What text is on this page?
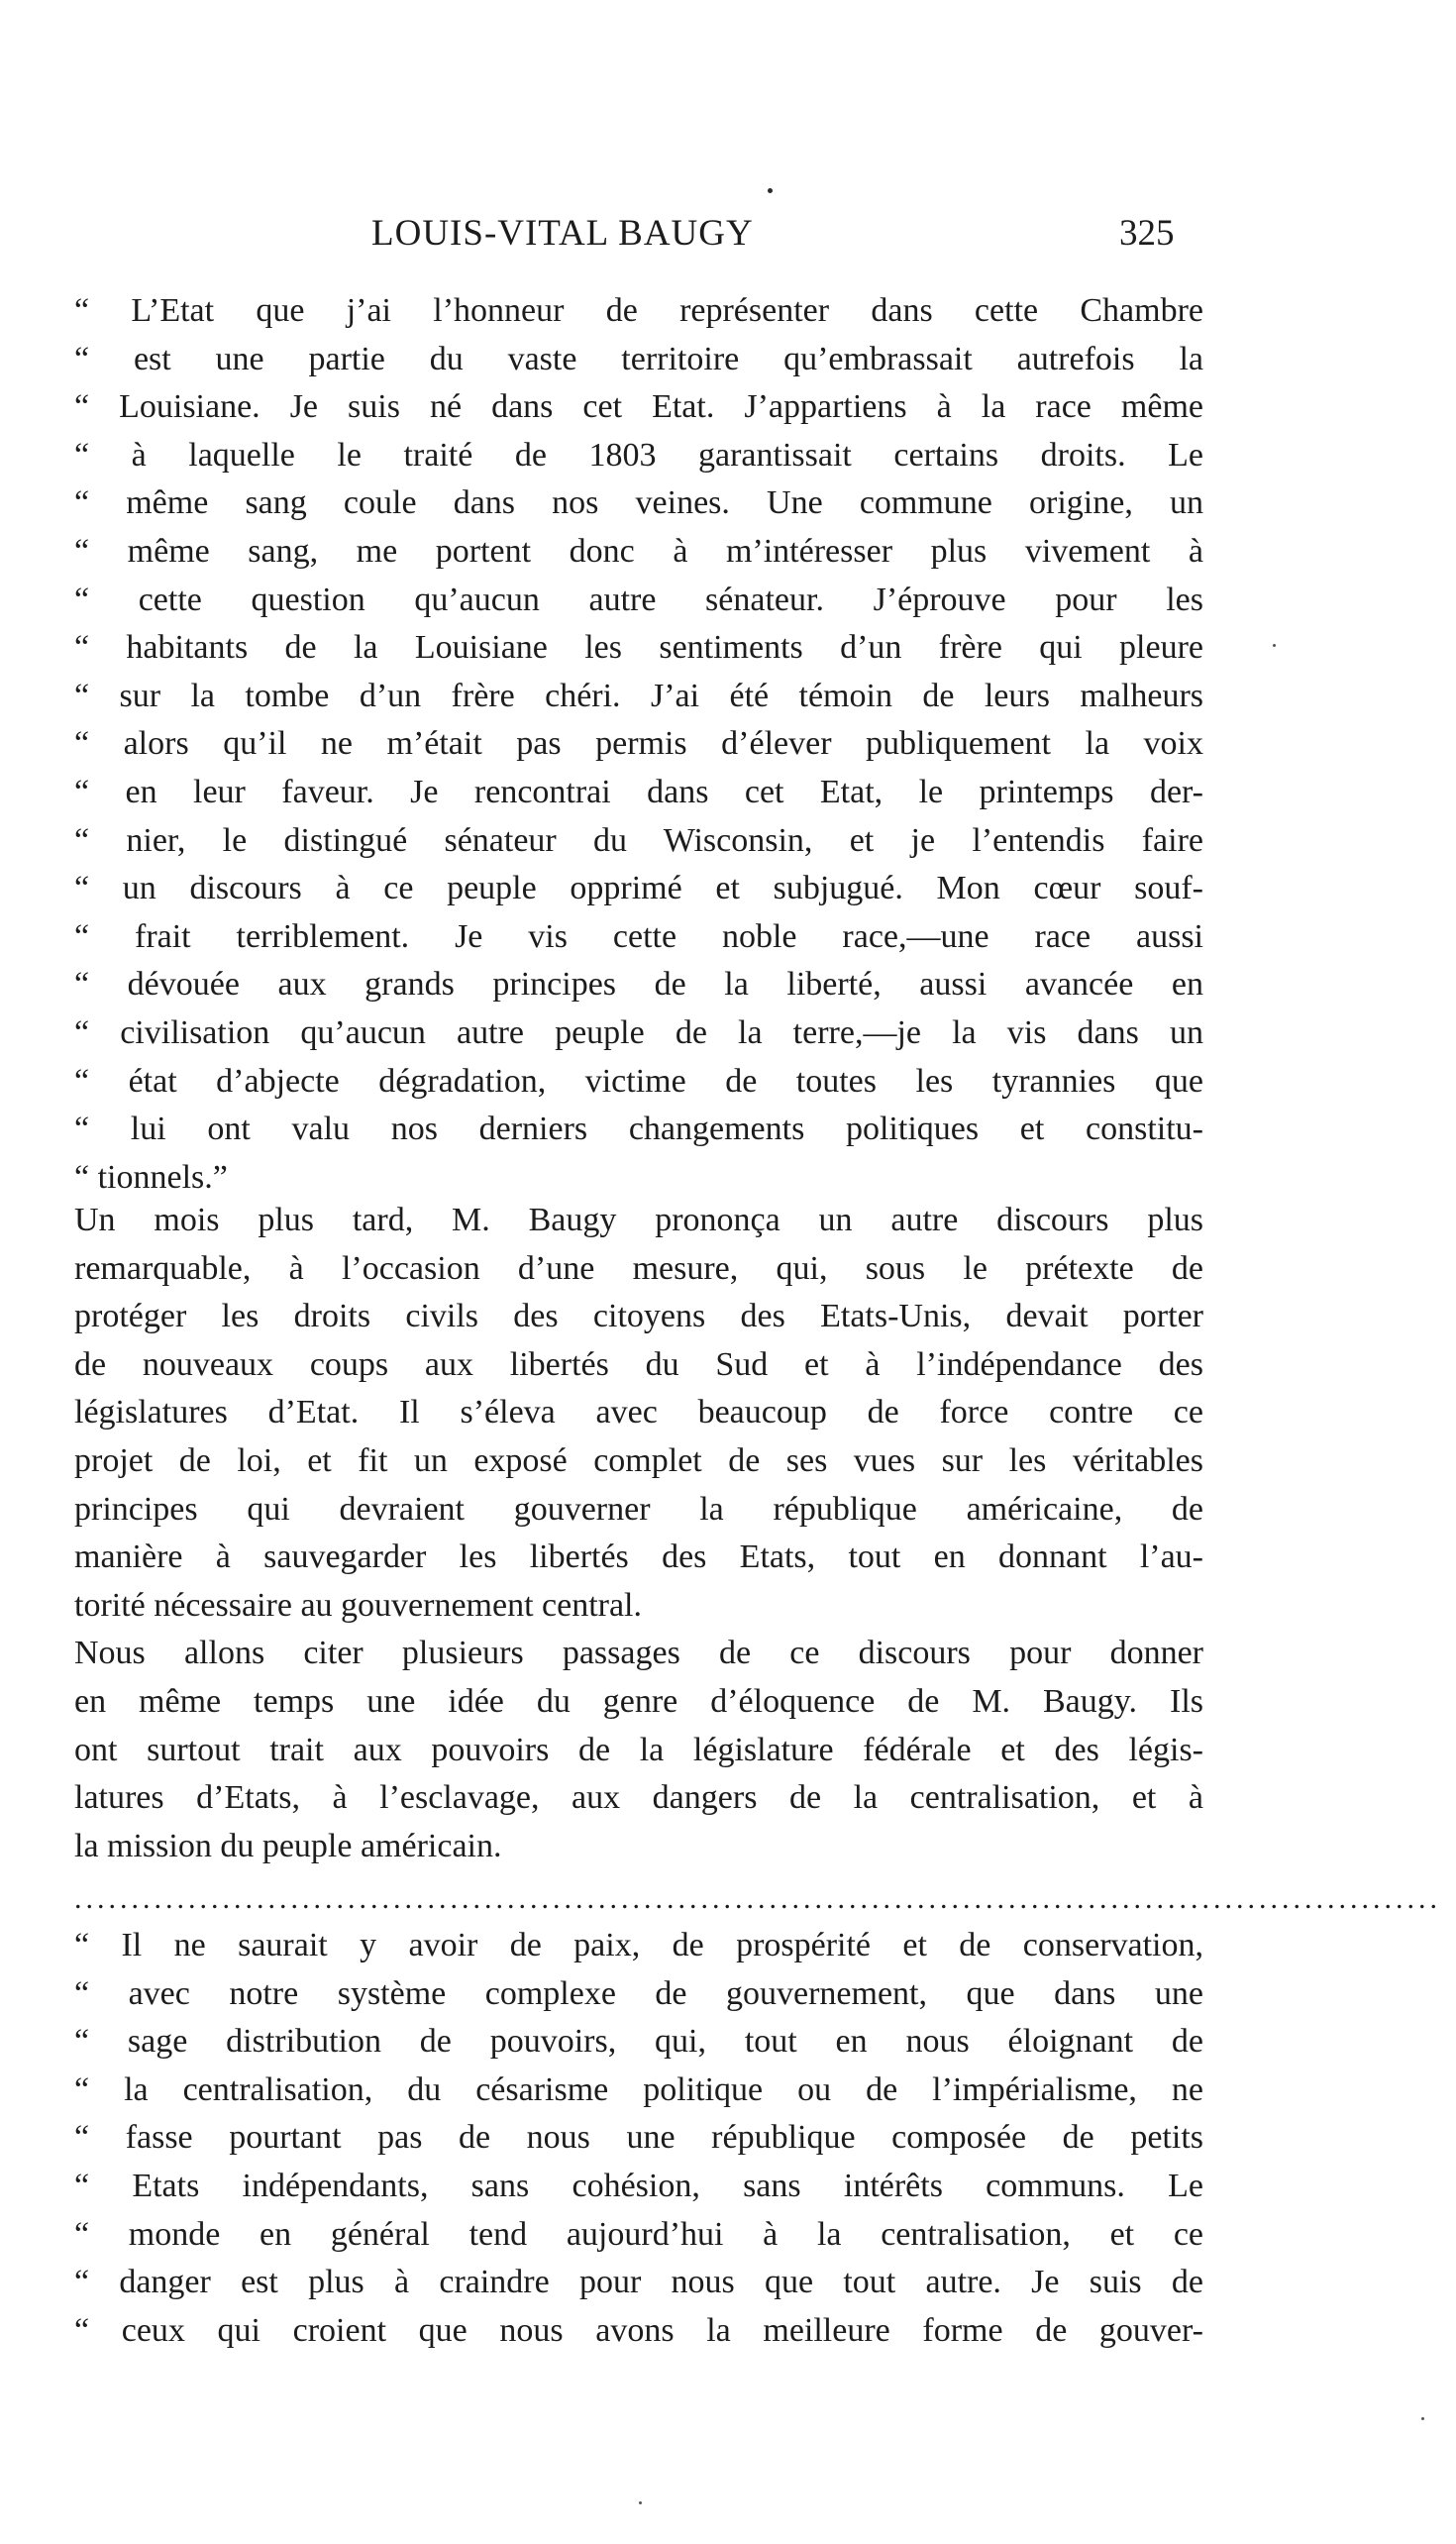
LOUIS-VITAL BAUGY	325
“ L’Etat que j’ai l’honneur de représenter dans cette Chambre
“ est une partie du vaste territoire qu’embrassait autrefois la
“ Louisiane. Je suis né dans cet Etat. J’appartiens à la race même
“ à laquelle le traité de 1803 garantissait certains droits. Le
“ même sang coule dans nos veines. Une commune origine, un
“ même sang, me portent donc à m’intéresser plus vivement à
“ cette question qu’aucun autre sénateur. J’éprouve pour les
“ habitants de la Louisiane les sentiments d’un frère qui pleure
“ sur la tombe d’un frère chéri. J’ai été témoin de leurs malheurs
“ alors qu’il ne m’était pas permis d’élever publiquement la voix
“ en leur faveur. Je rencontrai dans cet Etat, le printemps der-
“ nier, le distingué sénateur du Wisconsin, et je l’entendis faire
“ un discours à ce peuple opprimé et subjugué. Mon cœur souf-
“ frait terriblement. Je vis cette noble race,—une race aussi
“ dévouée aux grands principes de la liberté, aussi avancée en
“ civilisation qu’aucun autre peuple de la terre,—je la vis dans un
“ état d’abjecte dégradation, victime de toutes les tyrannies que
“ lui ont valu nos derniers changements politiques et constitu-
“ tionnels.”
Un mois plus tard, M. Baugy prononça un autre discours plus
remarquable, à l’occasion d’une mesure, qui, sous le prétexte de
protéger les droits civils des citoyens des Etats-Unis, devait porter
de nouveaux coups aux libertés du Sud et à l’indépendance des
législatures d’Etat. Il s’éleva avec beaucoup de force contre ce
projet de loi, et fit un exposé complet de ses vues sur les véritables
principes qui devraient gouverner la république américaine, de
manière à sauvegarder les libertés des Etats, tout en donnant l’au-
torité nécessaire au gouvernement central.
Nous allons citer plusieurs passages de ce discours pour donner
en même temps une idée du genre d’éloquence de M. Baugy. Ils
ont surtout trait aux pouvoirs de la législature fédérale et des légis-
latures d’Etats, à l’esclavage, aux dangers de la centralisation, et à
la mission du peuple américain.
........................................................................................................................
“ Il ne saurait y avoir de paix, de prospérité et de conservation,
“ avec notre système complexe de gouvernement, que dans une
“ sage distribution de pouvoirs, qui, tout en nous éloignant de
“ la centralisation, du césarisme politique ou de l’impérialisme, ne
“ fasse pourtant pas de nous une république composée de petits
“ Etats indépendants, sans cohésion, sans intérêts communs. Le
“ monde en général tend aujourd’hui à la centralisation, et ce
“ danger est plus à craindre pour nous que tout autre. Je suis de
“ ceux qui croient que nous avons la meilleure forme de gouver-
